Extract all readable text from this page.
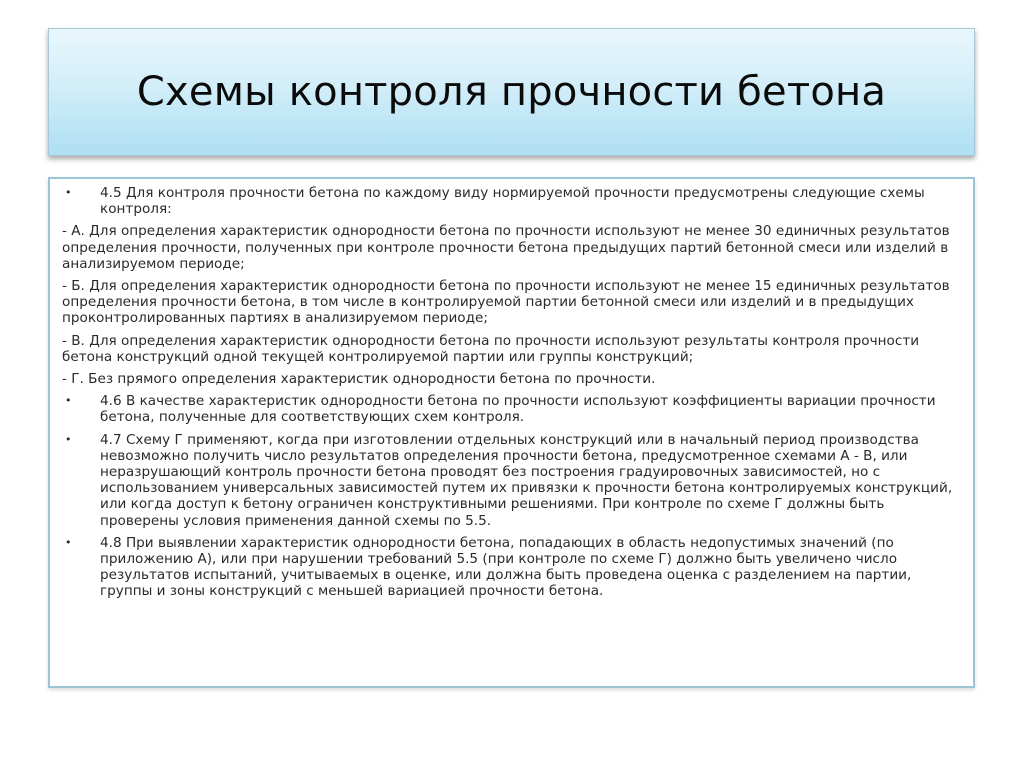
Схемы контроля прочности бетона
•	4.5 Для контроля прочности бетона по каждому виду нормируемой прочности предусмотрены следующие схемы контроля:
- А. Для определения характеристик однородности бетона по прочности используют не менее 30 единичных результатов определения прочности, полученных при контроле прочности бетона предыдущих партий бетонной смеси или изделий в анализируемом периоде;
- Б. Для определения характеристик однородности бетона по прочности используют не менее 15 единичных результатов определения прочности бетона, в том числе в контролируемой партии бетонной смеси или изделий и в предыдущих проконтролированных партиях в анализируемом периоде;
- В. Для определения характеристик однородности бетона по прочности используют результаты контроля прочности бетона конструкций одной текущей контролируемой партии или группы конструкций;
- Г. Без прямого определения характеристик однородности бетона по прочности.
•	4.6 В качестве характеристик однородности бетона по прочности используют коэффициенты вариации прочности бетона, полученные для соответствующих схем контроля.
•	4.7 Схему Г применяют, когда при изготовлении отдельных конструкций или в начальный период производства невозможно получить число результатов определения прочности бетона, предусмотренное схемами А - В, или неразрушающий контроль прочности бетона проводят без построения градуировочных зависимостей, но с использованием универсальных зависимостей путем их привязки к прочности бетона контролируемых конструкций, или когда доступ к бетону ограничен конструктивными решениями. При контроле по схеме Г должны быть проверены условия применения данной схемы по 5.5.
•	4.8 При выявлении характеристик однородности бетона, попадающих в область недопустимых значений (по приложению А), или при нарушении требований 5.5 (при контроле по схеме Г) должно быть увеличено число результатов испытаний, учитываемых в оценке, или должна быть проведена оценка с разделением на партии, группы и зоны конструкций с меньшей вариацией прочности бетона.
